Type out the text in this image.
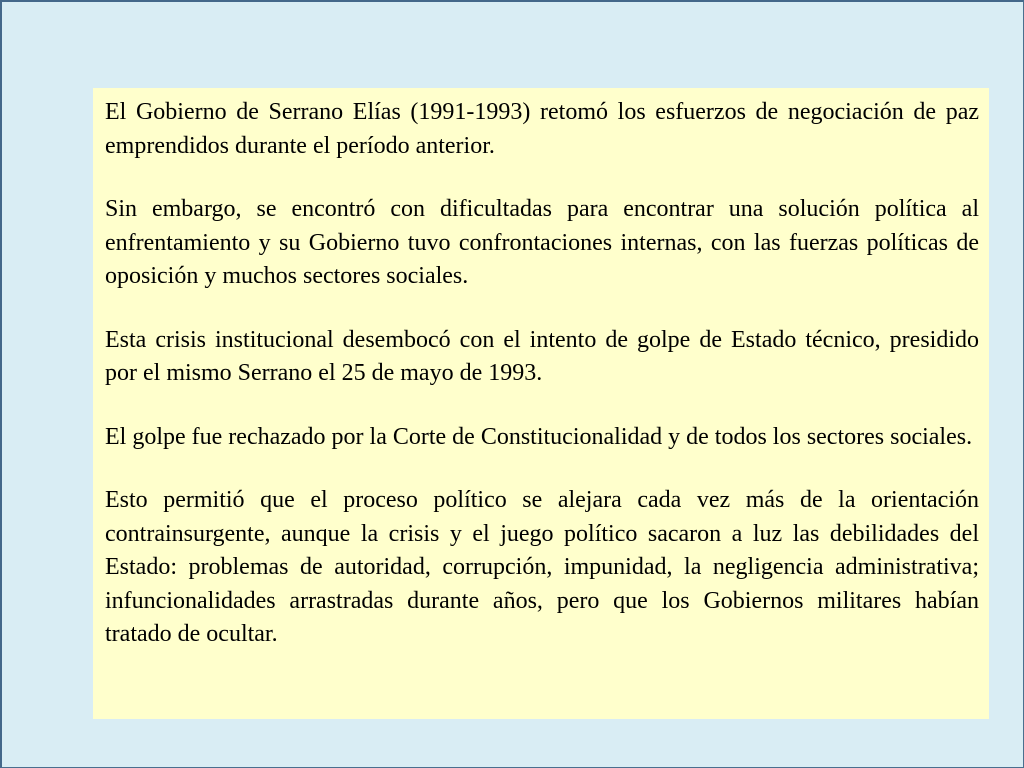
El Gobierno de Serrano Elías (1991-1993) retomó los esfuerzos de negociación de paz emprendidos durante el período anterior.

Sin embargo, se encontró con dificultadas para encontrar una solución política al enfrentamiento y su Gobierno tuvo confrontaciones internas, con las fuerzas políticas de oposición y muchos sectores sociales.

Esta crisis institucional desembocó con el intento de golpe de Estado técnico, presidido por el mismo Serrano el 25 de mayo de 1993.

El golpe fue rechazado por la Corte de Constitucionalidad y de todos los sectores sociales.

Esto permitió que el proceso político se alejara cada vez más de la orientación contrainsurgente, aunque la crisis y el juego político sacaron a luz las debilidades del Estado: problemas de autoridad, corrupción, impunidad, la negligencia administrativa; infuncionalidades arrastradas durante años, pero que los Gobiernos militares habían tratado de ocultar.
